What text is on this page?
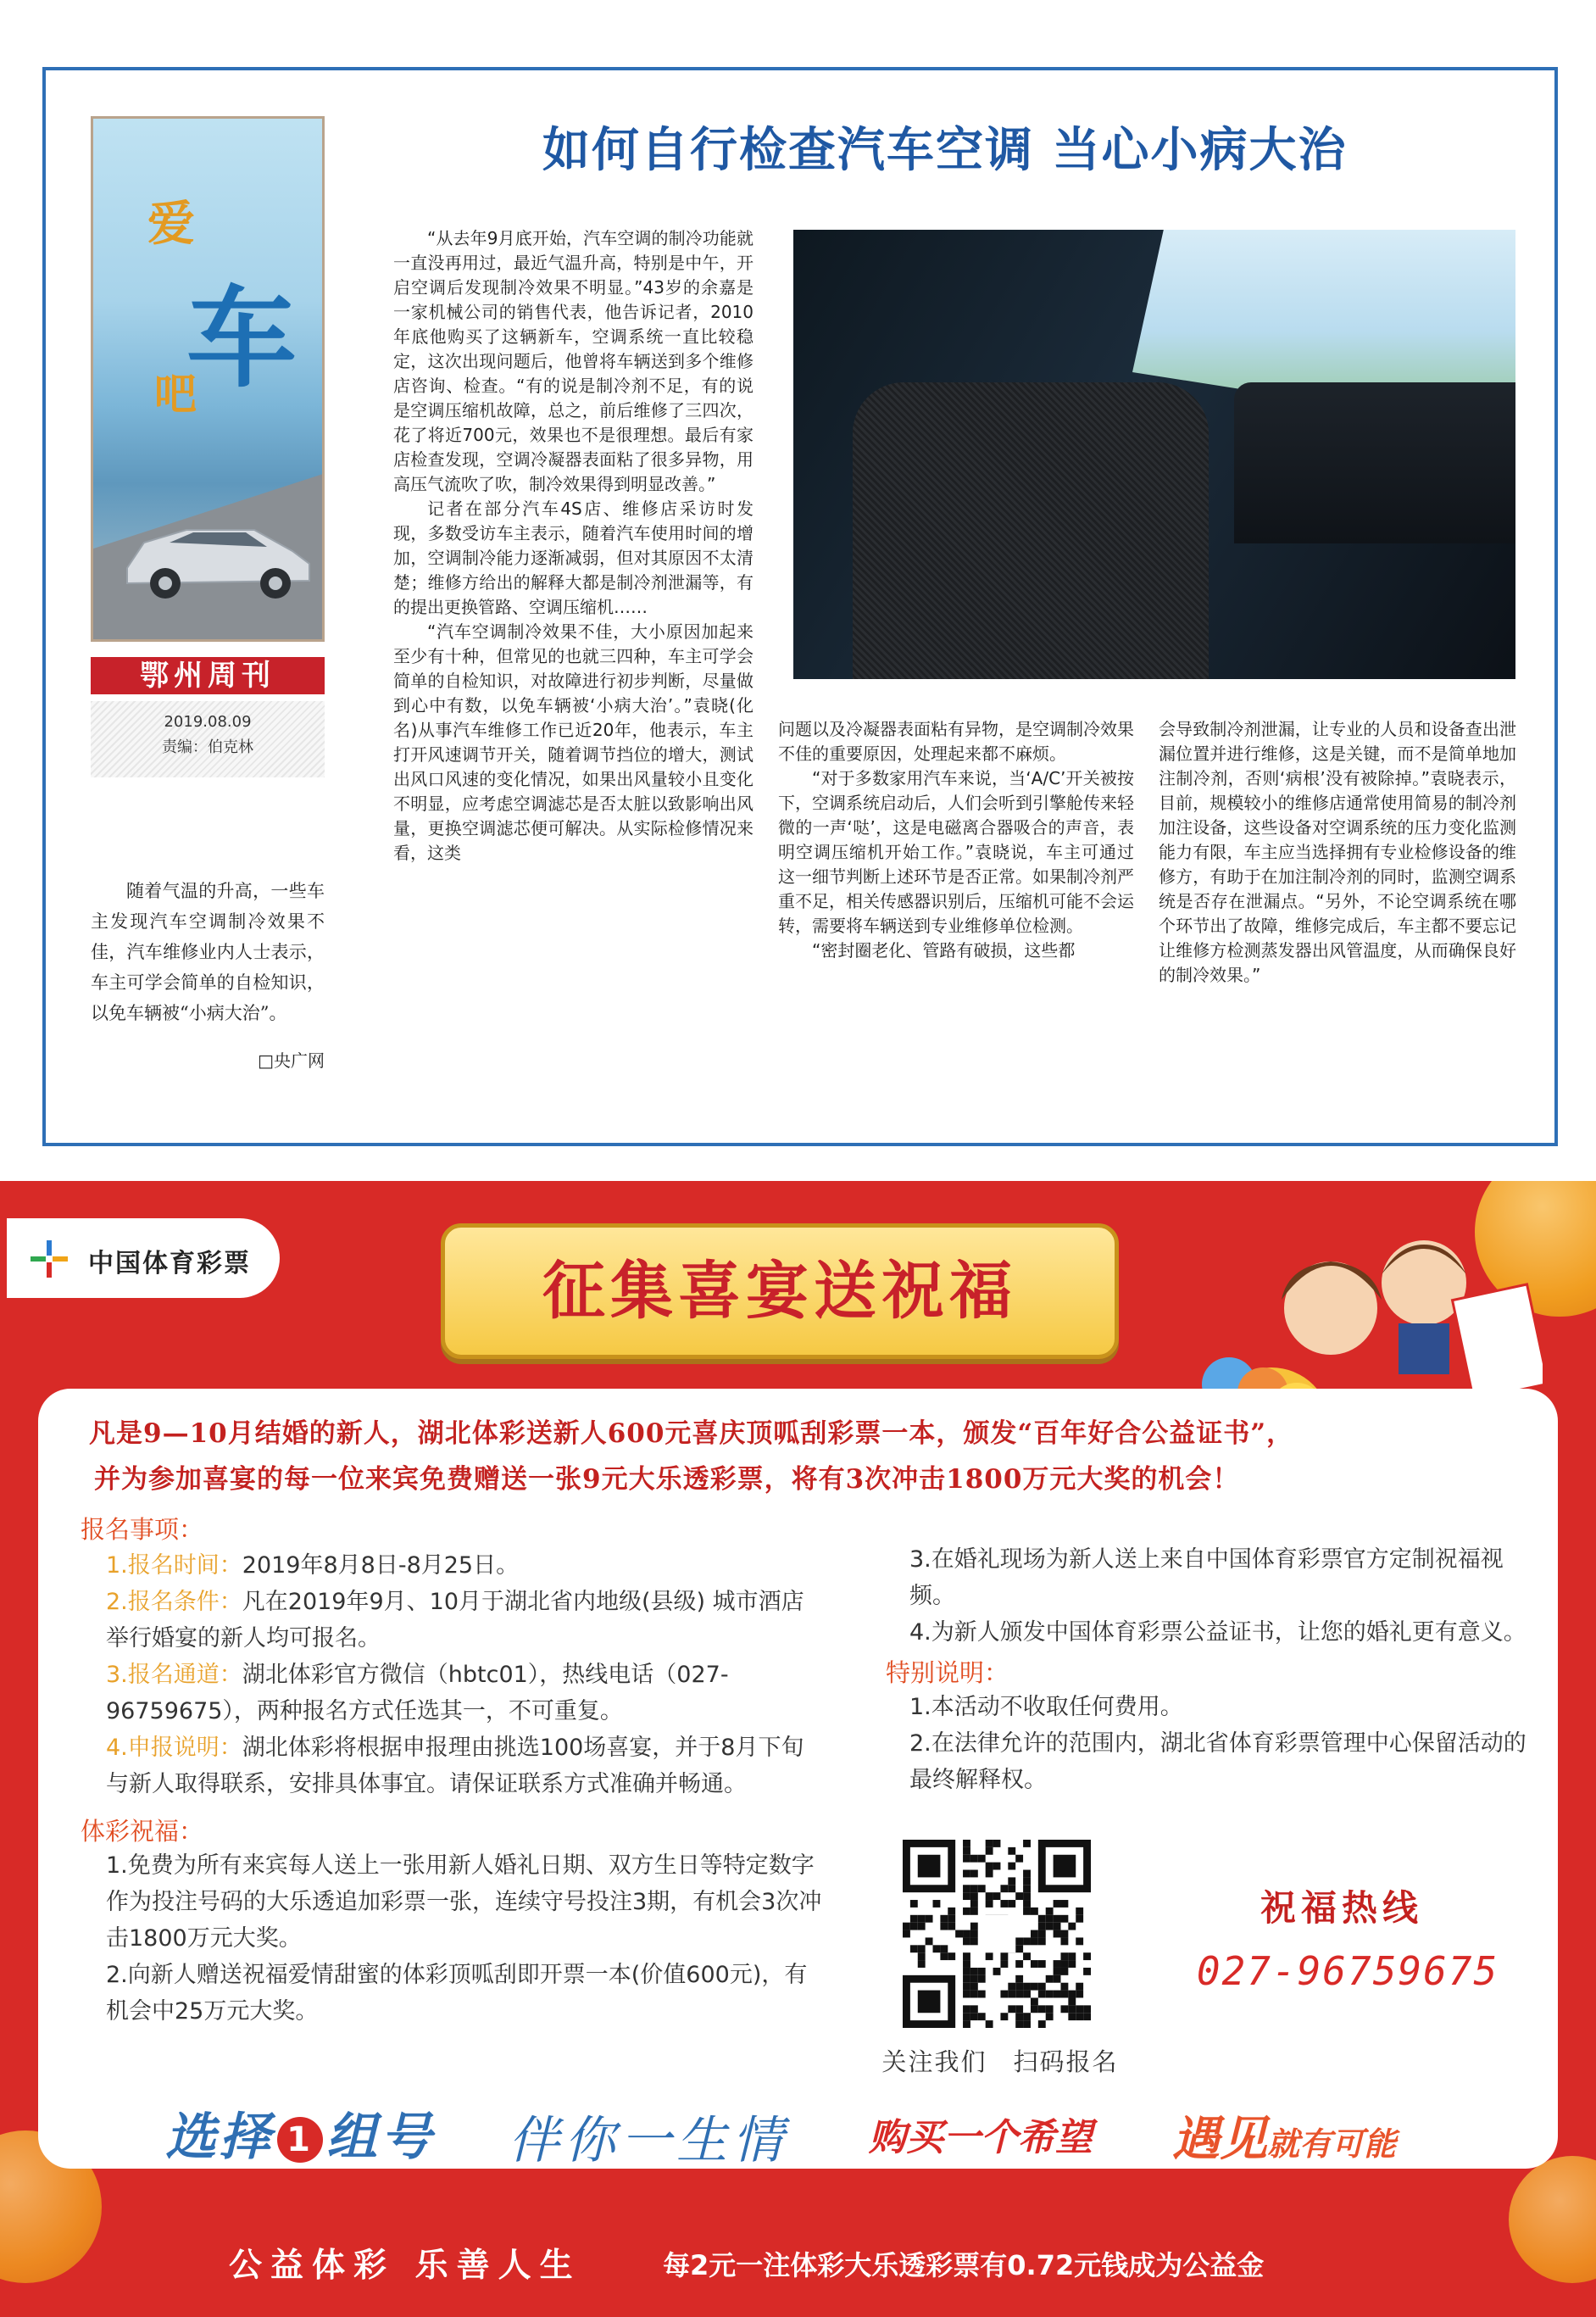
如何自行检查汽车空调 当心小病大治
爱
车
吧
鄂州周刊
2019.08.09
责编：伯克林

随着气温的升高，一些车主发现汽车空调制冷效果不佳，汽车维修业内人士表示，车主可学会简单的自检知识，以免车辆被“小病大治”。

□央广网

“从去年9月底开始，汽车空调的制冷功能就一直没再用过，最近气温升高，特别是中午，开启空调后发现制冷效果不明显。”43岁的余嘉是一家机械公司的销售代表，他告诉记者，2010年底他购买了这辆新车，空调系统一直比较稳定，这次出现问题后，他曾将车辆送到多个维修店咨询、检查。“有的说是制冷剂不足，有的说是空调压缩机故障，总之，前后维修了三四次，花了将近700元，效果也不是很理想。最后有家店检查发现，空调冷凝器表面粘了很多异物，用高压气流吹了吹，制冷效果得到明显改善。”

记者在部分汽车4S店、维修店采访时发现，多数受访车主表示，随着汽车使用时间的增加，空调制冷能力逐渐减弱，但对其原因不太清楚；维修方给出的解释大都是制冷剂泄漏等，有的提出更换管路、空调压缩机……

“汽车空调制冷效果不佳，大小原因加起来至少有十种，但常见的也就三四种，车主可学会简单的自检知识，对故障进行初步判断，尽量做到心中有数，以免车辆被‘小病大治’。”袁晓(化名)从事汽车维修工作已近20年，他表示，车主打开风速调节开关，随着调节挡位的增大，测试出风口风速的变化情况，如果出风量较小且变化不明显，应考虑空调滤芯是否太脏以致影响出风量，更换空调滤芯便可解决。从实际检修情况来看，这类

问题以及冷凝器表面粘有异物，是空调制冷效果不佳的重要原因，处理起来都不麻烦。

“对于多数家用汽车来说，当‘A/C’开关被按下，空调系统启动后，人们会听到引擎舱传来轻微的一声‘哒’，这是电磁离合器吸合的声音，表明空调压缩机开始工作。”袁晓说，车主可通过这一细节判断上述环节是否正常。如果制冷剂严重不足，相关传感器识别后，压缩机可能不会运转，需要将车辆送到专业维修单位检测。

“密封圈老化、管路有破损，这些都

会导致制冷剂泄漏，让专业的人员和设备查出泄漏位置并进行维修，这是关键，而不是简单地加注制冷剂，否则‘病根’没有被除掉。”袁晓表示，目前，规模较小的维修店通常使用简易的制冷剂加注设备，这些设备对空调系统的压力变化监测能力有限，车主应当选择拥有专业检修设备的维修方，有助于在加注制冷剂的同时，监测空调系统是否存在泄漏点。“另外，不论空调系统在哪个环节出了故障，维修完成后，车主都不要忘记让维修方检测蒸发器出风管温度，从而确保良好的制冷效果。”

中国体育彩票	征集喜宴送祝福
凡是9—10月结婚的新人，湖北体彩送新人600元喜庆顶呱刮彩票一本，颁发“百年好合公益证书”，
并为参加喜宴的每一位来宾免费赠送一张9元大乐透彩票，将有3次冲击1800万元大奖的机会！
报名事项：
1.报名时间：2019年8月8日-8月25日。
2.报名条件：凡在2019年9月、10月于湖北省内地级(县级) 城市酒店举行婚宴的新人均可报名。
3.报名通道：湖北体彩官方微信（hbtc01），热线电话（027-96759675），两种报名方式任选其一，不可重复。
4.申报说明：湖北体彩将根据申报理由挑选100场喜宴，并于8月下旬与新人取得联系，安排具体事宜。请保证联系方式准确并畅通。
体彩祝福：
1.免费为所有来宾每人送上一张用新人婚礼日期、双方生日等特定数字作为投注号码的大乐透追加彩票一张，连续守号投注3期，有机会3次冲击1800万元大奖。
2.向新人赠送祝福爱情甜蜜的体彩顶呱刮即开票一本(价值600元)，有机会中25万元大奖。
3.在婚礼现场为新人送上来自中国体育彩票官方定制祝福视频。
4.为新人颁发中国体育彩票公益证书，让您的婚礼更有意义。
特别说明：
1.本活动不收取任何费用。
2.在法律允许的范围内，湖北省体育彩票管理中心保留活动的最终解释权。
关注我们　扫码报名
祝福热线
027-96759675
选择 1 组号 伴你一生情 购买一个希望 遇见就有可能
公益体彩 乐善人生	每2元一注体彩大乐透彩票有0.72元钱成为公益金
